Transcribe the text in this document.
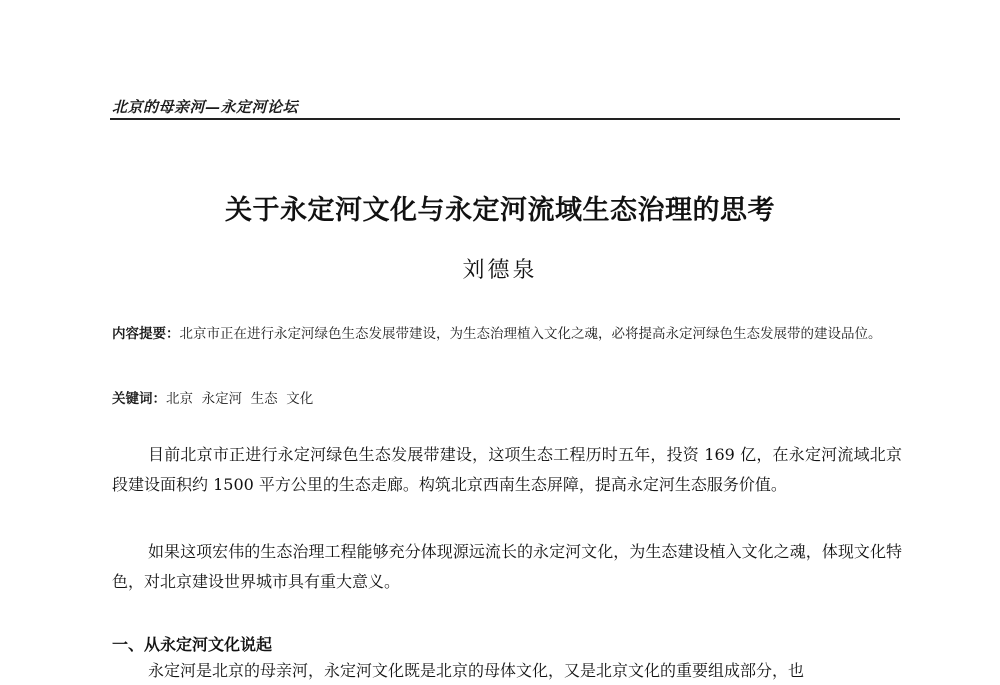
北京的母亲河—永定河论坛
关于永定河文化与永定河流域生态治理的思考
刘德泉
内容提要：北京市正在进行永定河绿色生态发展带建设，为生态治理植入文化之魂，必将提高永定河绿色生态发展带的建设品位。
关键词：北京  永定河  生态  文化
目前北京市正进行永定河绿色生态发展带建设，这项生态工程历时五年，投资 169 亿，在永定河流域北京段建设面积约 1500 平方公里的生态走廊。构筑北京西南生态屏障，提高永定河生态服务价值。
如果这项宏伟的生态治理工程能够充分体现源远流长的永定河文化，为生态建设植入文化之魂，体现文化特色，对北京建设世界城市具有重大意义。
一、从永定河文化说起
永定河是北京的母亲河，永定河文化既是北京的母体文化，又是北京文化的重要组成部分，也
